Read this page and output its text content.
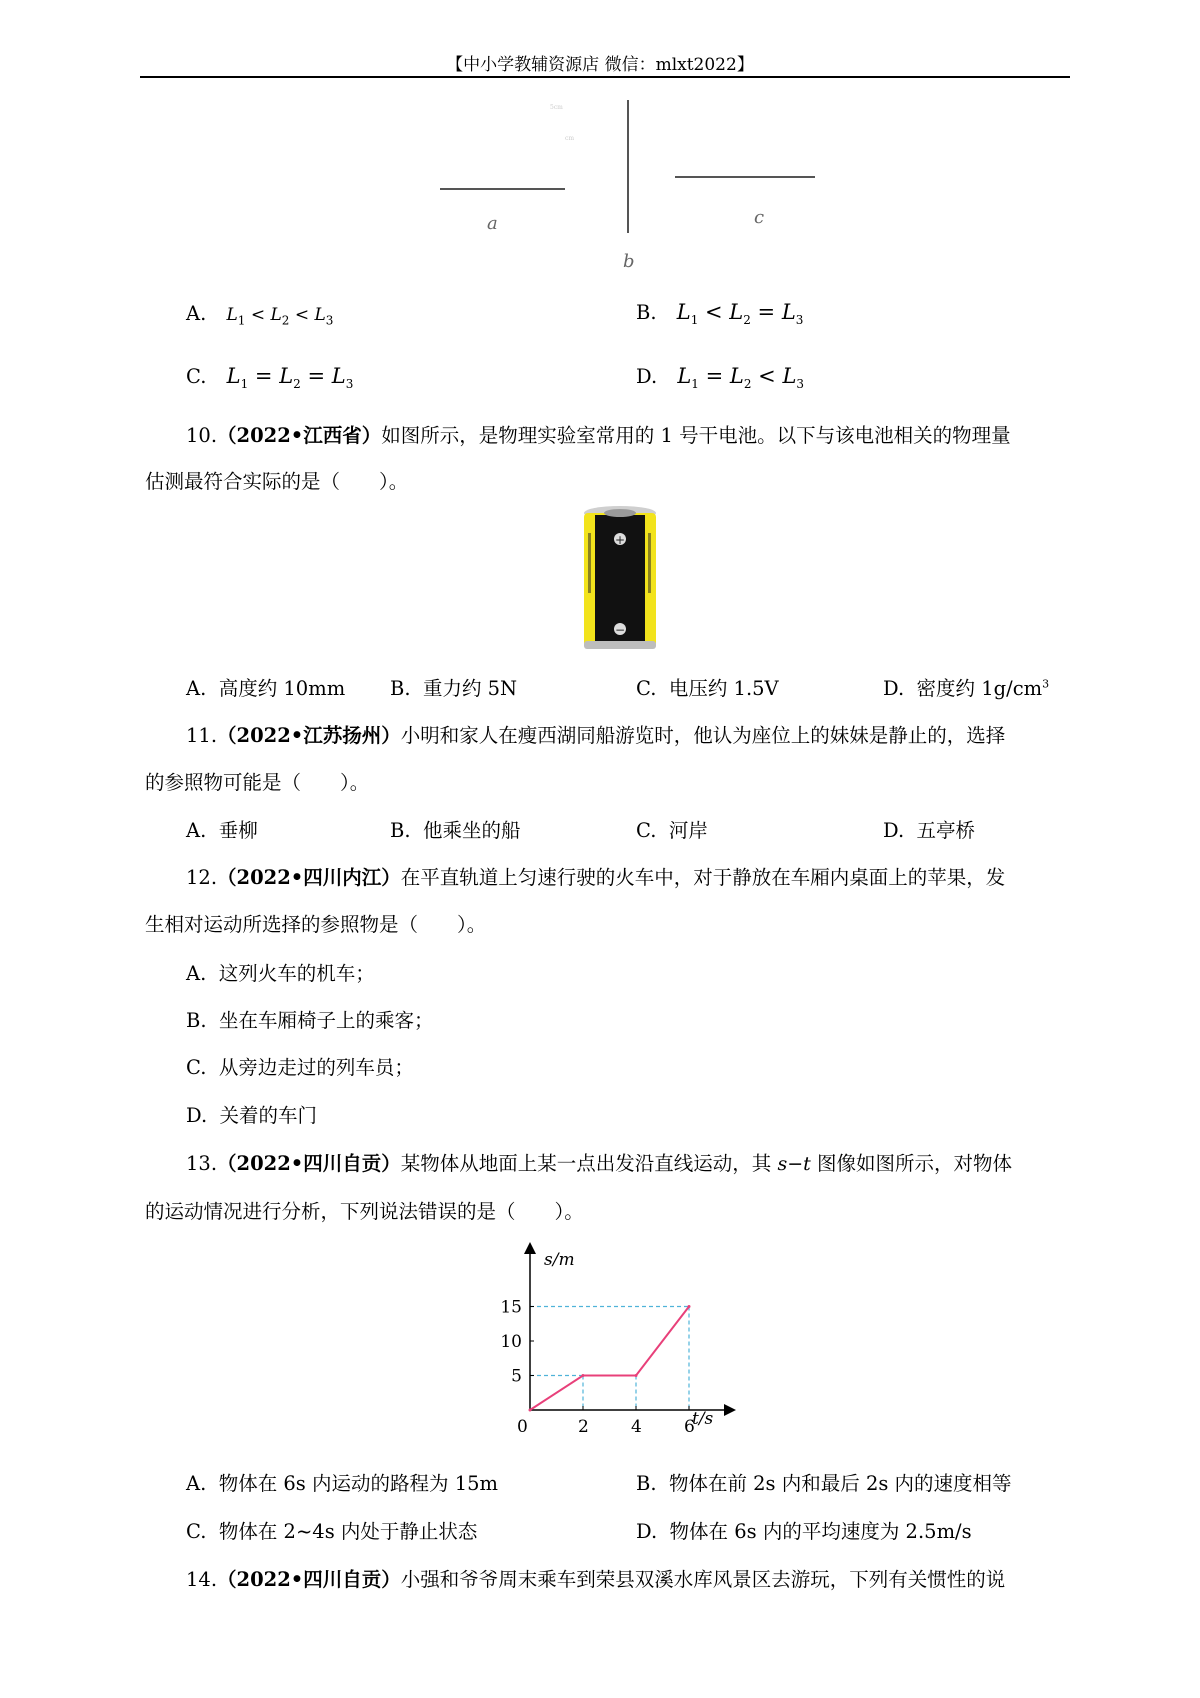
【中小学教辅资源店 微信：mlxt2022】
5cm
cm
a
b
c
A. $L_1 < L_2 < L_3$	B. $L_1 < L_2 = L_3$
C. $L_1 = L_2 = L_3$	D. $L_1 = L_2 < L_3$
10.（2022•江西省）如图所示，是物理实验室常用的 1 号干电池。以下与该电池相关的物理量
估测最符合实际的是（　　）。
+
−
A. 高度约 10mm B. 重力约 5N	C. 电压约 1.5V	D. 密度约 $1g/cm^3$
11.（2022•江苏扬州）小明和家人在瘦西湖同船游览时，他认为座位上的妹妹是静止的，选择
的参照物可能是（　　）。
A. 垂柳	B. 他乘坐的船	C. 河岸	D. 五亭桥
12.（2022•四川内江）在平直轨道上匀速行驶的火车中，对于静放在车厢内桌面上的苹果，发
生相对运动所选择的参照物是（　　）。
A. 这列火车的机车；
B. 坐在车厢椅子上的乘客；
C. 从旁边走过的列车员；
D. 关着的车门
13.（2022•四川自贡）某物体从地面上某一点出发沿直线运动，其 s−t 图像如图所示，对物体
的运动情况进行分析，下列说法错误的是（　　）。
0	2 4 6
5
10
15
s/m
t/s
A. 物体在 6s 内运动的路程为 15m	B. 物体在前 2s 内和最后 2s 内的速度相等
C. 物体在 2~4s 内处于静止状态	D. 物体在 6s 内的平均速度为 2.5m/s
14.（2022•四川自贡）小强和爷爷周末乘车到荣县双溪水库风景区去游玩，下列有关惯性的说
